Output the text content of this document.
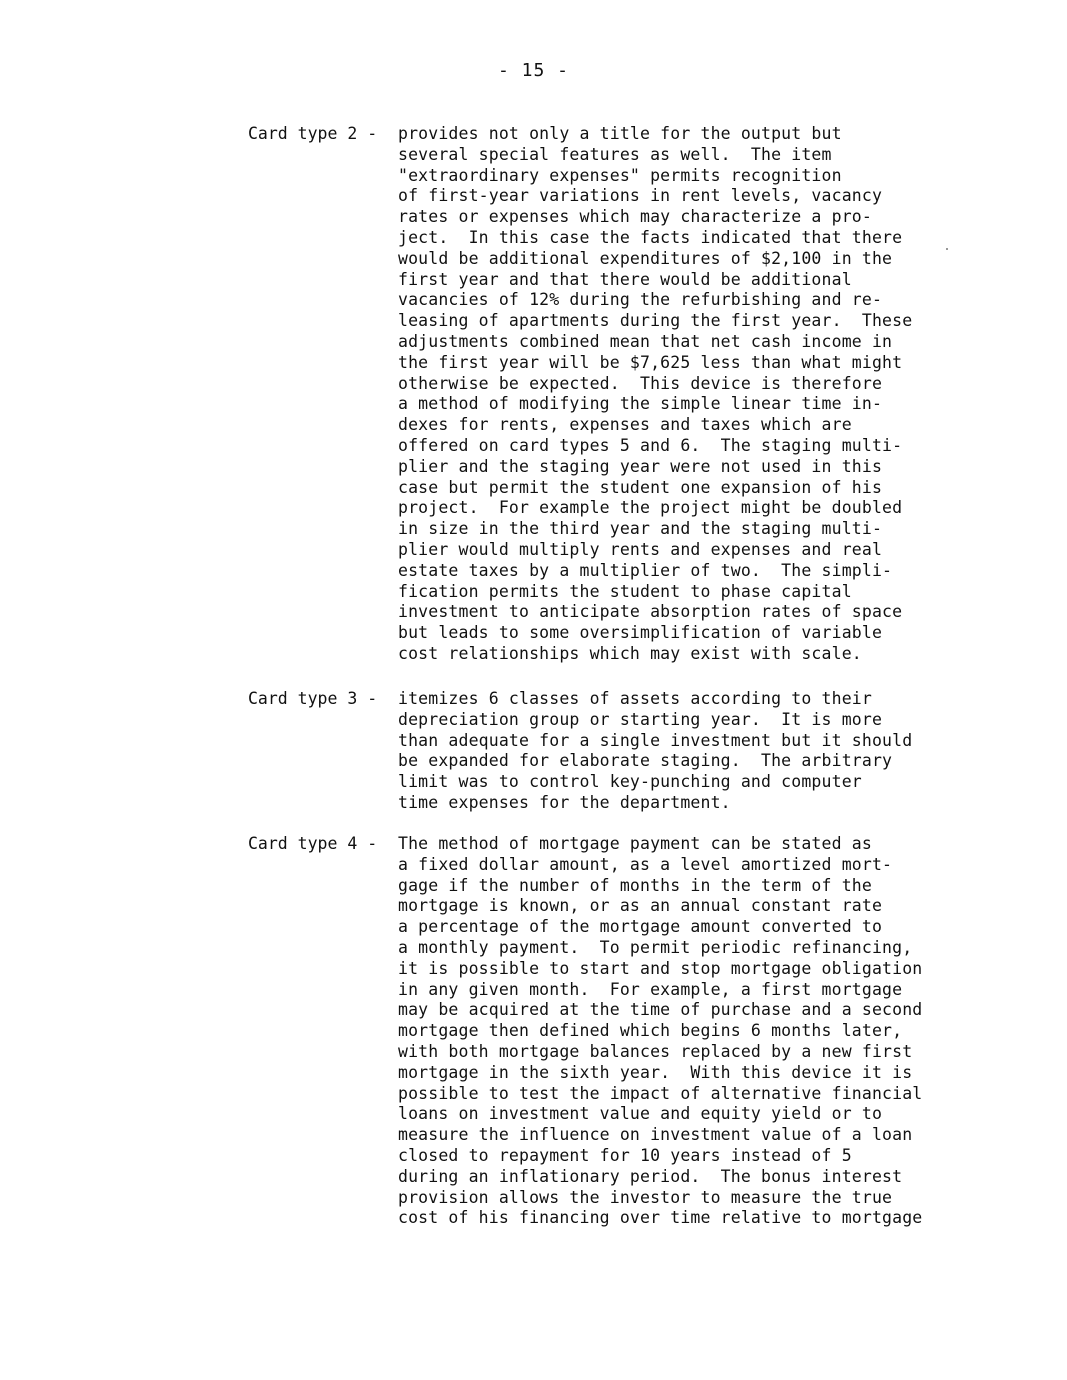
- 15 -
Card type 2 -	provides not only a title for the output but
several special features as well.  The item
"extraordinary expenses" permits recognition
of first-year variations in rent levels, vacancy
rates or expenses which may characterize a pro-
ject.  In this case the facts indicated that there
would be additional expenditures of $2,100 in the
first year and that there would be additional
vacancies of 12% during the refurbishing and re-
leasing of apartments during the first year.  These
adjustments combined mean that net cash income in
the first year will be $7,625 less than what might
otherwise be expected.  This device is therefore
a method of modifying the simple linear time in-
dexes for rents, expenses and taxes which are
offered on card types 5 and 6.  The staging multi-
plier and the staging year were not used in this
case but permit the student one expansion of his
project.  For example the project might be doubled
in size in the third year and the staging multi-
plier would multiply rents and expenses and real
estate taxes by a multiplier of two.  The simpli-
fication permits the student to phase capital
investment to anticipate absorption rates of space
but leads to some oversimplification of variable
cost relationships which may exist with scale.
Card type 3 -	itemizes 6 classes of assets according to their
depreciation group or starting year.  It is more
than adequate for a single investment but it should
be expanded for elaborate staging.  The arbitrary
limit was to control key-punching and computer
time expenses for the department.
Card type 4 -	The method of mortgage payment can be stated as
a fixed dollar amount, as a level amortized mort-
gage if the number of months in the term of the
mortgage is known, or as an annual constant rate
a percentage of the mortgage amount converted to
a monthly payment.  To permit periodic refinancing,
it is possible to start and stop mortgage obligation
in any given month.  For example, a first mortgage
may be acquired at the time of purchase and a second
mortgage then defined which begins 6 months later,
with both mortgage balances replaced by a new first
mortgage in the sixth year.  With this device it is
possible to test the impact of alternative financial
loans on investment value and equity yield or to
measure the influence on investment value of a loan
closed to repayment for 10 years instead of 5
during an inflationary period.  The bonus interest
provision allows the investor to measure the true
cost of his financing over time relative to mortgage
